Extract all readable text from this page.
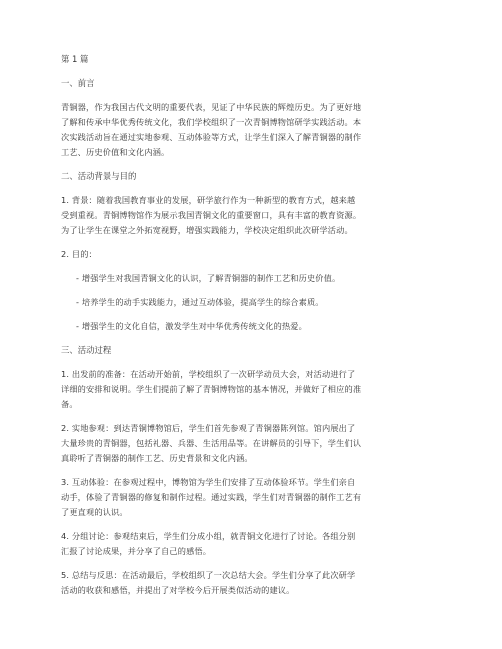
第 1 篇
一、前言
青铜器，作为我国古代文明的重要代表，见证了中华民族的辉煌历史。为了更好地
了解和传承中华优秀传统文化，我们学校组织了一次青铜博物馆研学实践活动。本
次实践活动旨在通过实地参观、互动体验等方式，让学生们深入了解青铜器的制作
工艺、历史价值和文化内涵。
二、活动背景与目的
1. 背景：随着我国教育事业的发展，研学旅行作为一种新型的教育方式，越来越
受到重视。青铜博物馆作为展示我国青铜文化的重要窗口，具有丰富的教育资源。
为了让学生在课堂之外拓宽视野，增强实践能力，学校决定组织此次研学活动。
2. 目的：
- 增强学生对我国青铜文化的认识，了解青铜器的制作工艺和历史价值。
- 培养学生的动手实践能力，通过互动体验，提高学生的综合素质。
- 增强学生的文化自信，激发学生对中华优秀传统文化的热爱。
三、活动过程
1. 出发前的准备：在活动开始前，学校组织了一次研学动员大会，对活动进行了
详细的安排和说明。学生们提前了解了青铜博物馆的基本情况，并做好了相应的准
备。
2. 实地参观：到达青铜博物馆后，学生们首先参观了青铜器陈列馆。馆内展出了
大量珍贵的青铜器，包括礼器、兵器、生活用品等。在讲解员的引导下，学生们认
真聆听了青铜器的制作工艺、历史背景和文化内涵。
3. 互动体验：在参观过程中，博物馆为学生们安排了互动体验环节。学生们亲自
动手，体验了青铜器的修复和制作过程。通过实践，学生们对青铜器的制作工艺有
了更直观的认识。
4. 分组讨论：参观结束后，学生们分成小组，就青铜文化进行了讨论。各组分别
汇报了讨论成果，并分享了自己的感悟。
5. 总结与反思：在活动最后，学校组织了一次总结大会。学生们分享了此次研学
活动的收获和感悟，并提出了对学校今后开展类似活动的建议。
